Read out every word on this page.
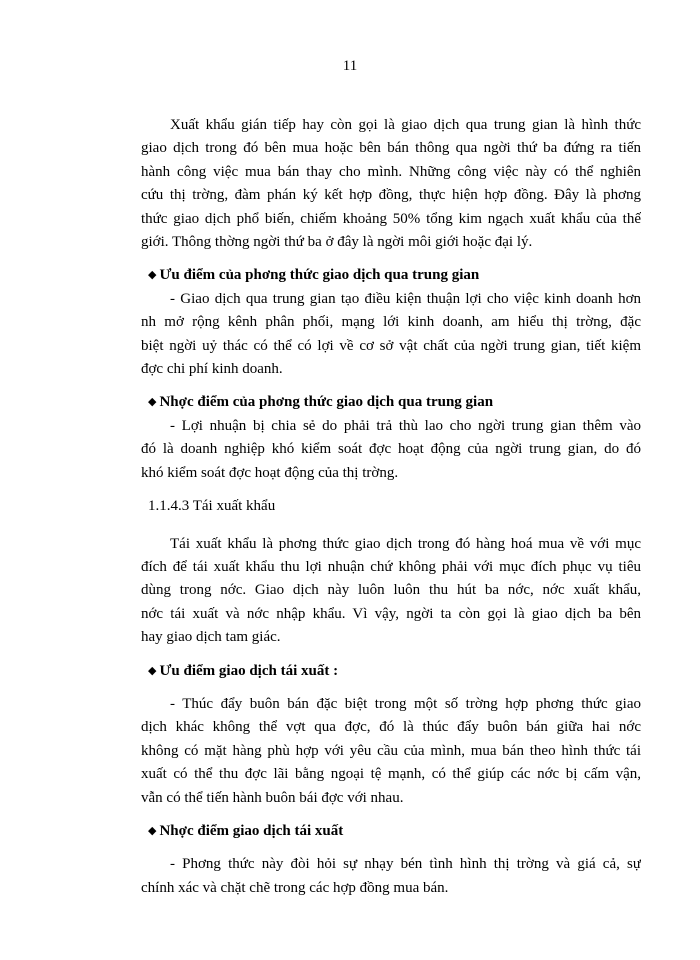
11
Xuất khẩu gián tiếp hay còn gọi là giao dịch qua trung gian là hình thức
giao dịch trong đó bên mua hoặc bên bán thông qua ngời thứ ba đứng ra tiến
hành công việc mua bán thay cho mình. Những công việc này có thể nghiên
cứu thị trờng, đàm phán ký kết hợp đồng, thực hiện hợp đồng. Đây là phơng
thức giao dịch phổ biến, chiếm khoảng 50% tổng kim ngạch xuất khẩu của thế
giới. Thông thờng ngời thứ ba ở đây là ngời môi giới hoặc đại lý.
◆ Ưu điểm của phơng thức giao dịch qua trung gian
- Giao dịch qua trung gian tạo điều kiện thuận lợi cho việc kinh doanh hơn
nh mở rộng kênh phân phối, mạng lới kinh doanh, am hiểu thị trờng, đặc
biệt ngời uỷ thác có thể có lợi về cơ sở vật chất của ngời trung gian, tiết kiệm
đợc chi phí kinh doanh.
◆ Nhợc điểm của phơng thức giao dịch qua trung gian
- Lợi nhuận bị chia sẻ do phải trả thù lao cho ngời trung gian thêm vào
đó là doanh nghiệp khó kiểm soát đợc hoạt động của ngời trung gian, do đó
khó kiểm soát đợc hoạt động của thị trờng.
1.1.4.3 Tái xuất khẩu
Tái xuất khẩu là phơng thức giao dịch trong đó hàng hoá mua về với mục
đích để tái xuất khẩu thu lợi nhuận chứ không phải với mục đích phục vụ tiêu
dùng trong nớc. Giao dịch này luôn luôn thu hút ba nớc, nớc xuất khẩu,
nớc tái xuất và nớc nhập khẩu. Vì vậy, ngời ta còn gọi là giao dịch ba bên
hay giao dịch tam giác.
◆ Ưu điểm giao dịch tái xuất :
- Thúc đẩy buôn bán đặc biệt trong một số trờng hợp phơng thức giao
dịch khác không thể vợt qua đợc, đó là thúc đẩy buôn bán giữa hai nớc
không có mặt hàng phù hợp với yêu cầu của mình, mua bán theo hình thức tái
xuất có thể thu đợc lãi bằng ngoại tệ mạnh, có thể giúp các nớc bị cấm vận,
vẫn có thể tiến hành buôn bái đợc với nhau.
◆ Nhợc điểm giao dịch tái xuất
- Phơng thức này đòi hỏi sự nhạy bén tình hình thị trờng và giá cả, sự
chính xác và chặt chẽ trong các hợp đồng mua bán.
